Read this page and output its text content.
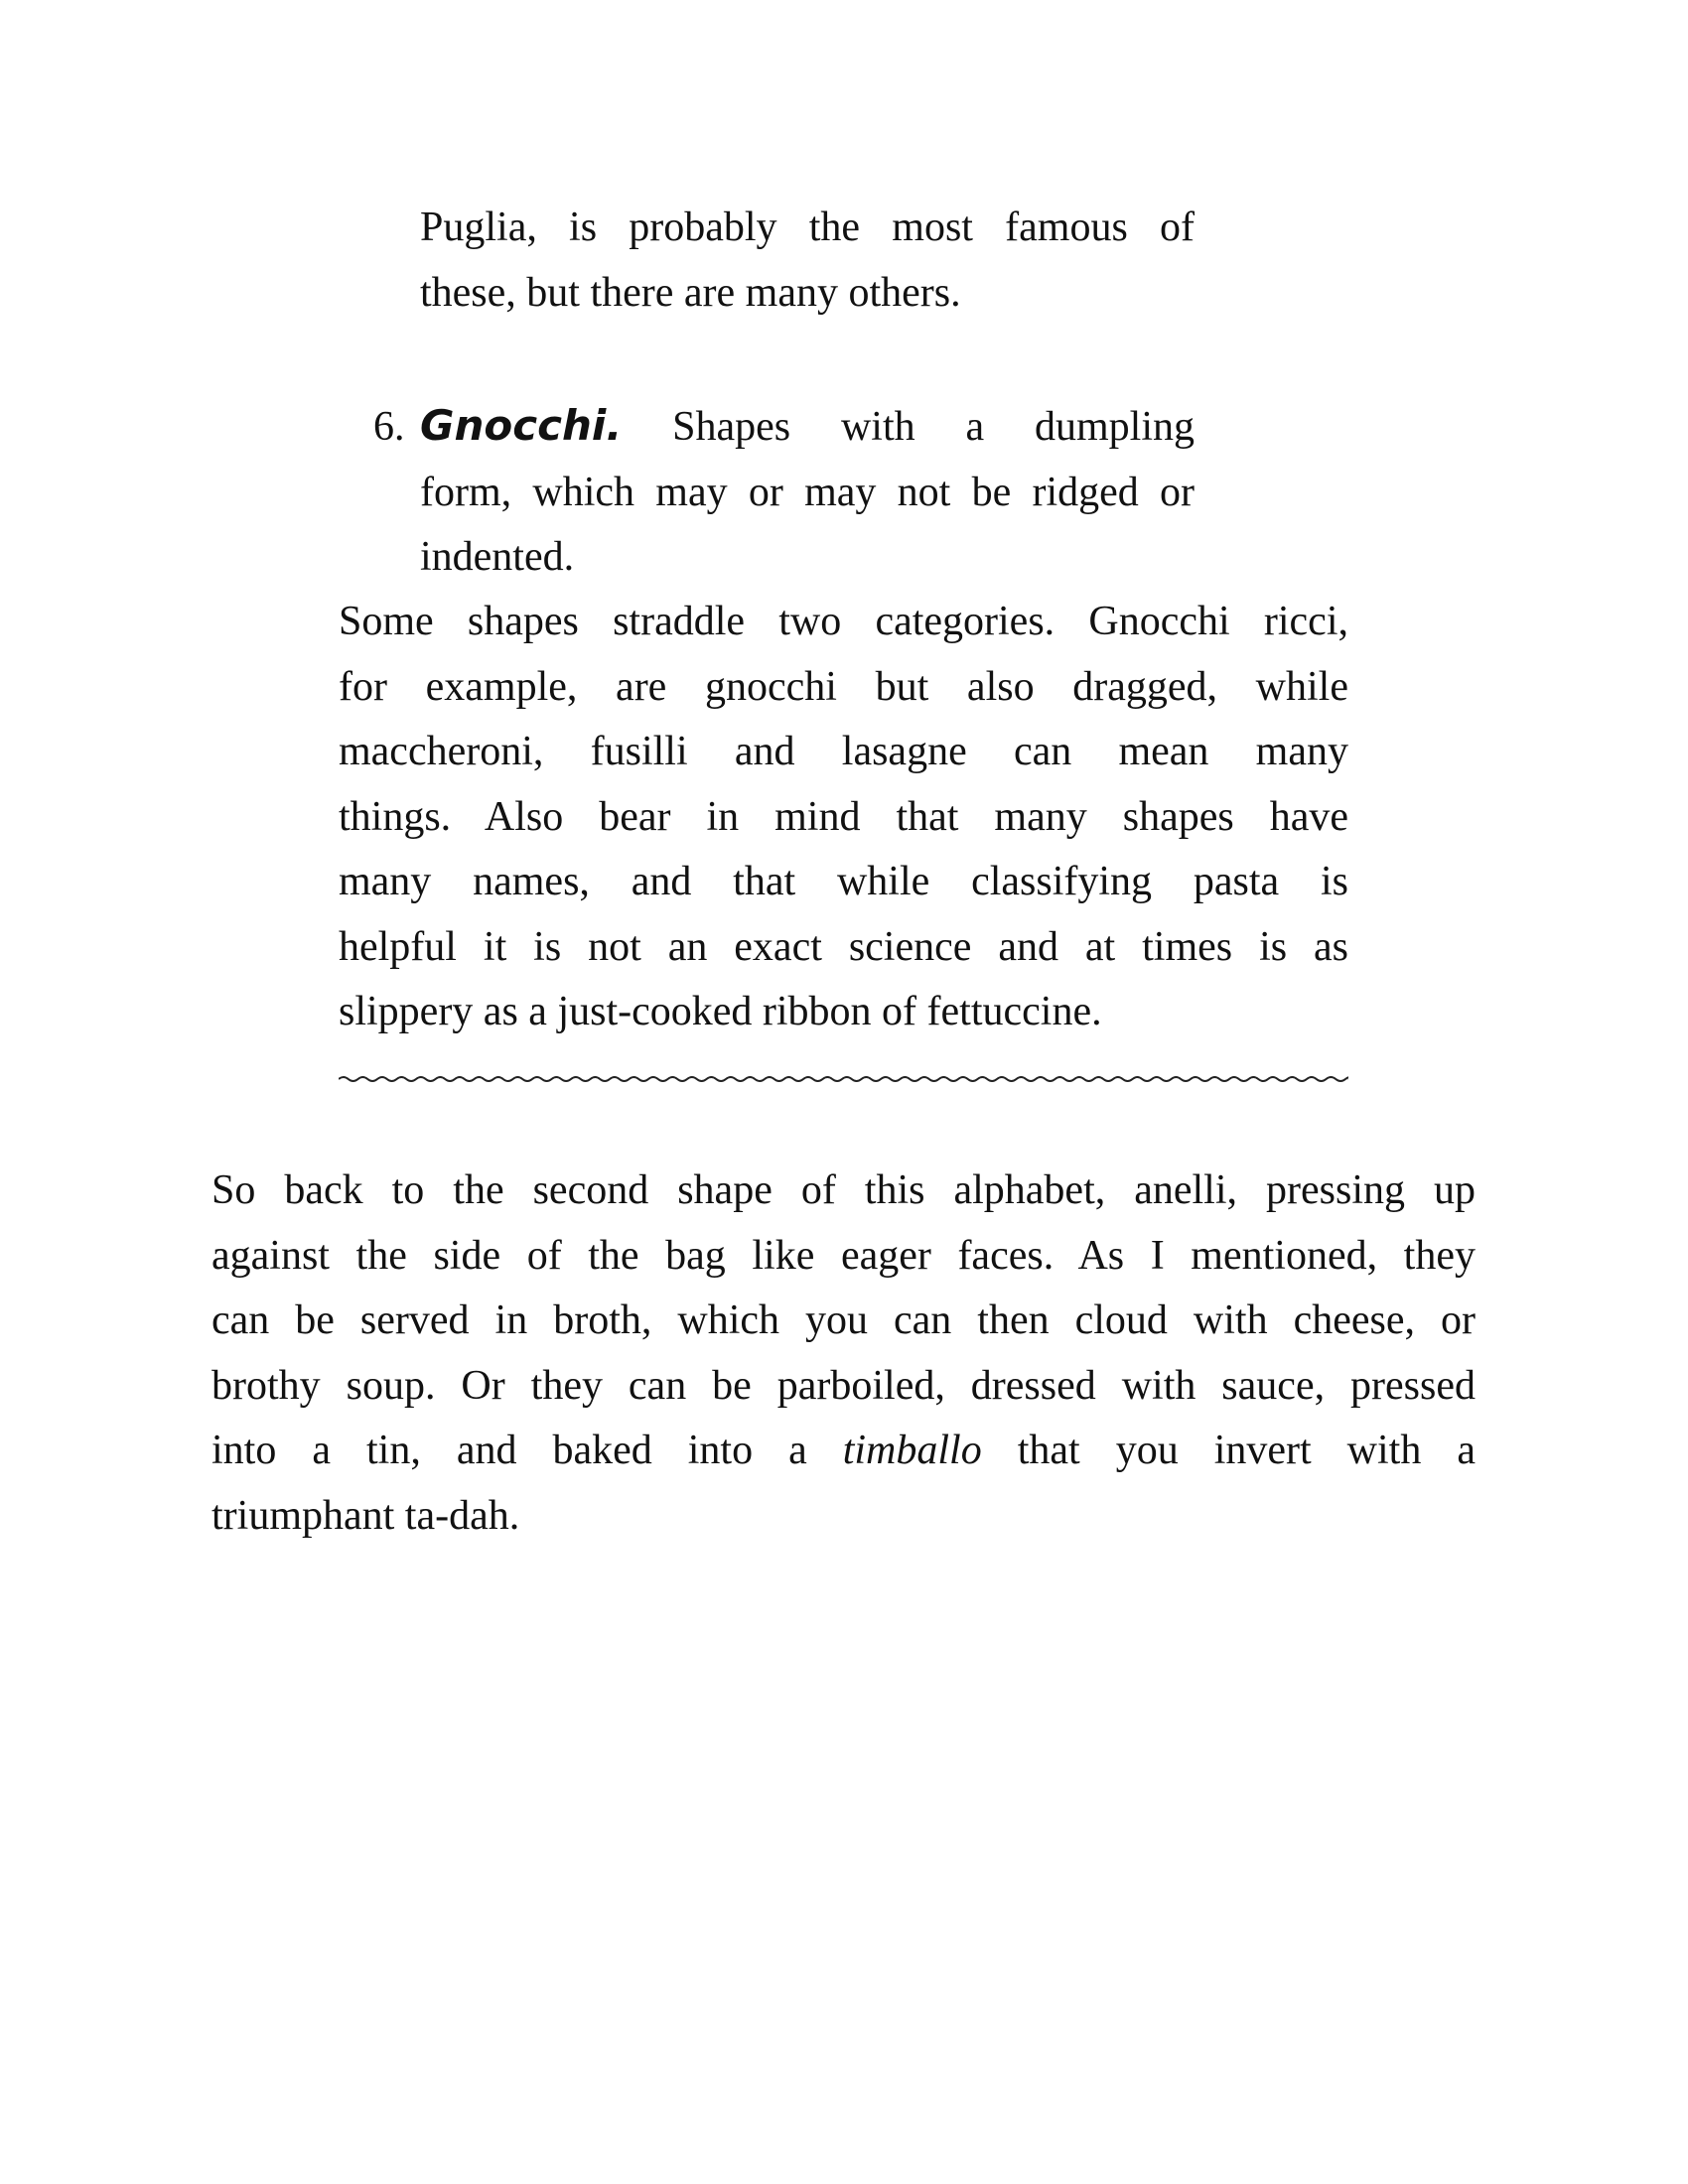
Puglia, is probably the most famous of
these, but there are many others.
6. Gnocchi. Shapes with a dumpling
form, which may or may not be ridged or
indented.
Some shapes straddle two categories. Gnocchi ricci,
for example, are gnocchi but also dragged, while
maccheroni, fusilli and lasagne can mean many
things. Also bear in mind that many shapes have
many names, and that while classifying pasta is
helpful it is not an exact science and at times is as
slippery as a just-cooked ribbon of fettuccine.
So back to the second shape of this alphabet, anelli, pressing up
against the side of the bag like eager faces. As I mentioned, they
can be served in broth, which you can then cloud with cheese, or
brothy soup. Or they can be parboiled, dressed with sauce, pressed
into a tin, and baked into a timballo that you invert with a
triumphant ta-dah.
